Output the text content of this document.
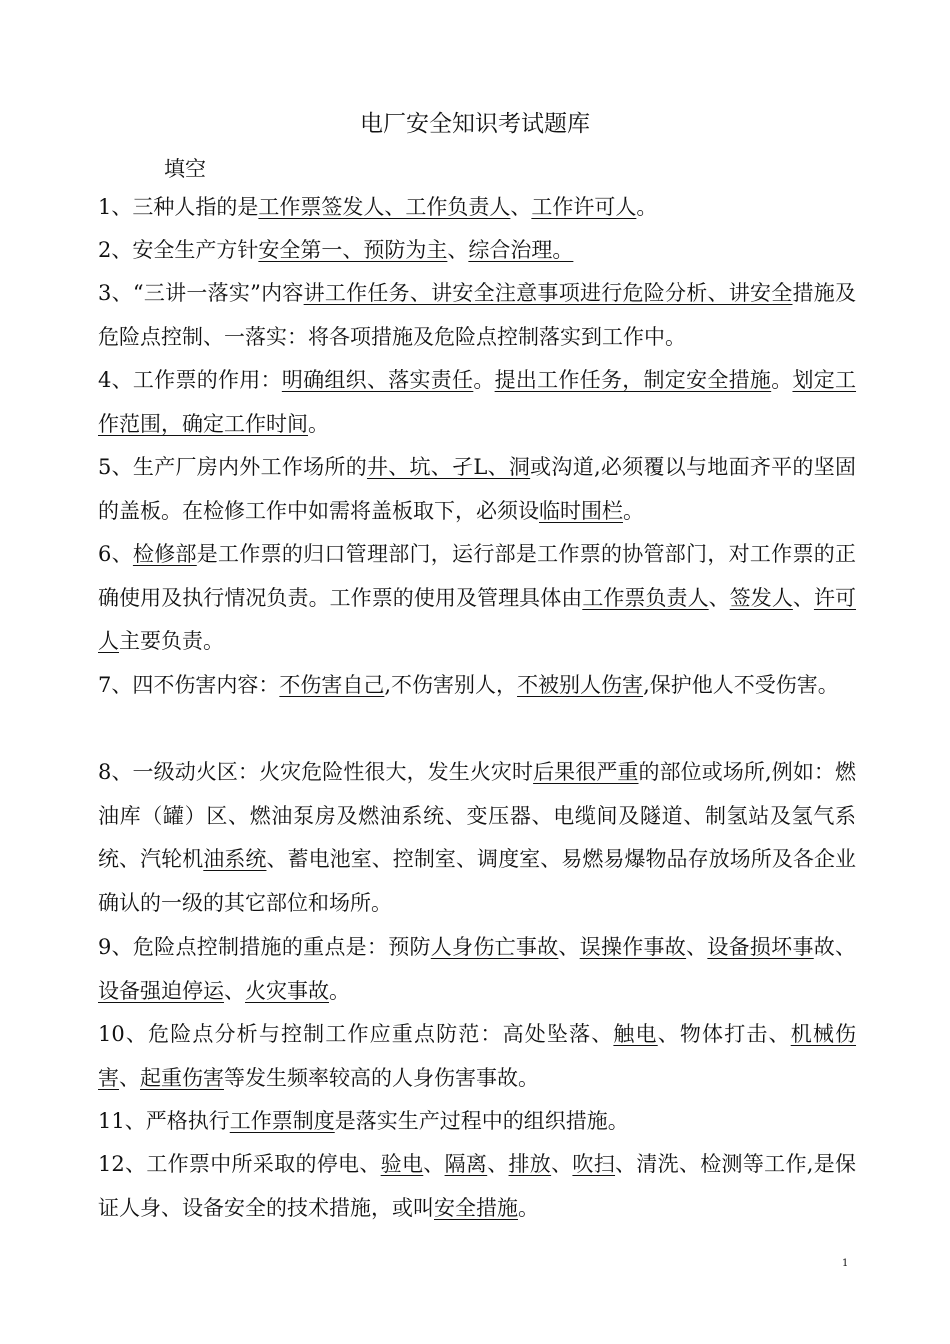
电厂安全知识考试题库
填空
1、三种人指的是工作票签发人、工作负责人、工作许可人。
2、安全生产方针安全第一、预防为主、综合治理。
3、“三讲一落实”内容讲工作任务、讲安全注意事项进行危险分析、讲安全措施及危险点控制、一落实：将各项措施及危险点控制落实到工作中。
4、工作票的作用：明确组织、落实责任。提出工作任务，制定安全措施。划定工作范围，确定工作时间。
5、生产厂房内外工作场所的井、坑、孑L、洞或沟道,必须覆以与地面齐平的坚固的盖板。在检修工作中如需将盖板取下，必须设临时围栏。
6、检修部是工作票的归口管理部门，运行部是工作票的协管部门，对工作票的正确使用及执行情况负责。工作票的使用及管理具体由工作票负责人、签发人、许可人主要负责。
7、四不伤害内容：不伤害自己,不伤害别人，不被别人伤害,保护他人不受伤害。
8、一级动火区：火灾危险性很大，发生火灾时后果很严重的部位或场所,例如：燃油库（罐）区、燃油泵房及燃油系统、变压器、电缆间及隧道、制氢站及氢气系统、汽轮机油系统、蓄电池室、控制室、调度室、易燃易爆物品存放场所及各企业确认的一级的其它部位和场所。
9、危险点控制措施的重点是：预防人身伤亡事故、误操作事故、设备损坏事故、设备强迫停运、火灾事故。
10、危险点分析与控制工作应重点防范：高处坠落、触电、物体打击、机械伤害、起重伤害等发生频率较高的人身伤害事故。
11、严格执行工作票制度是落实生产过程中的组织措施。
12、工作票中所采取的停电、验电、隔离、排放、吹扫、清洗、检测等工作,是保证人身、设备安全的技术措施，或叫安全措施。
1
